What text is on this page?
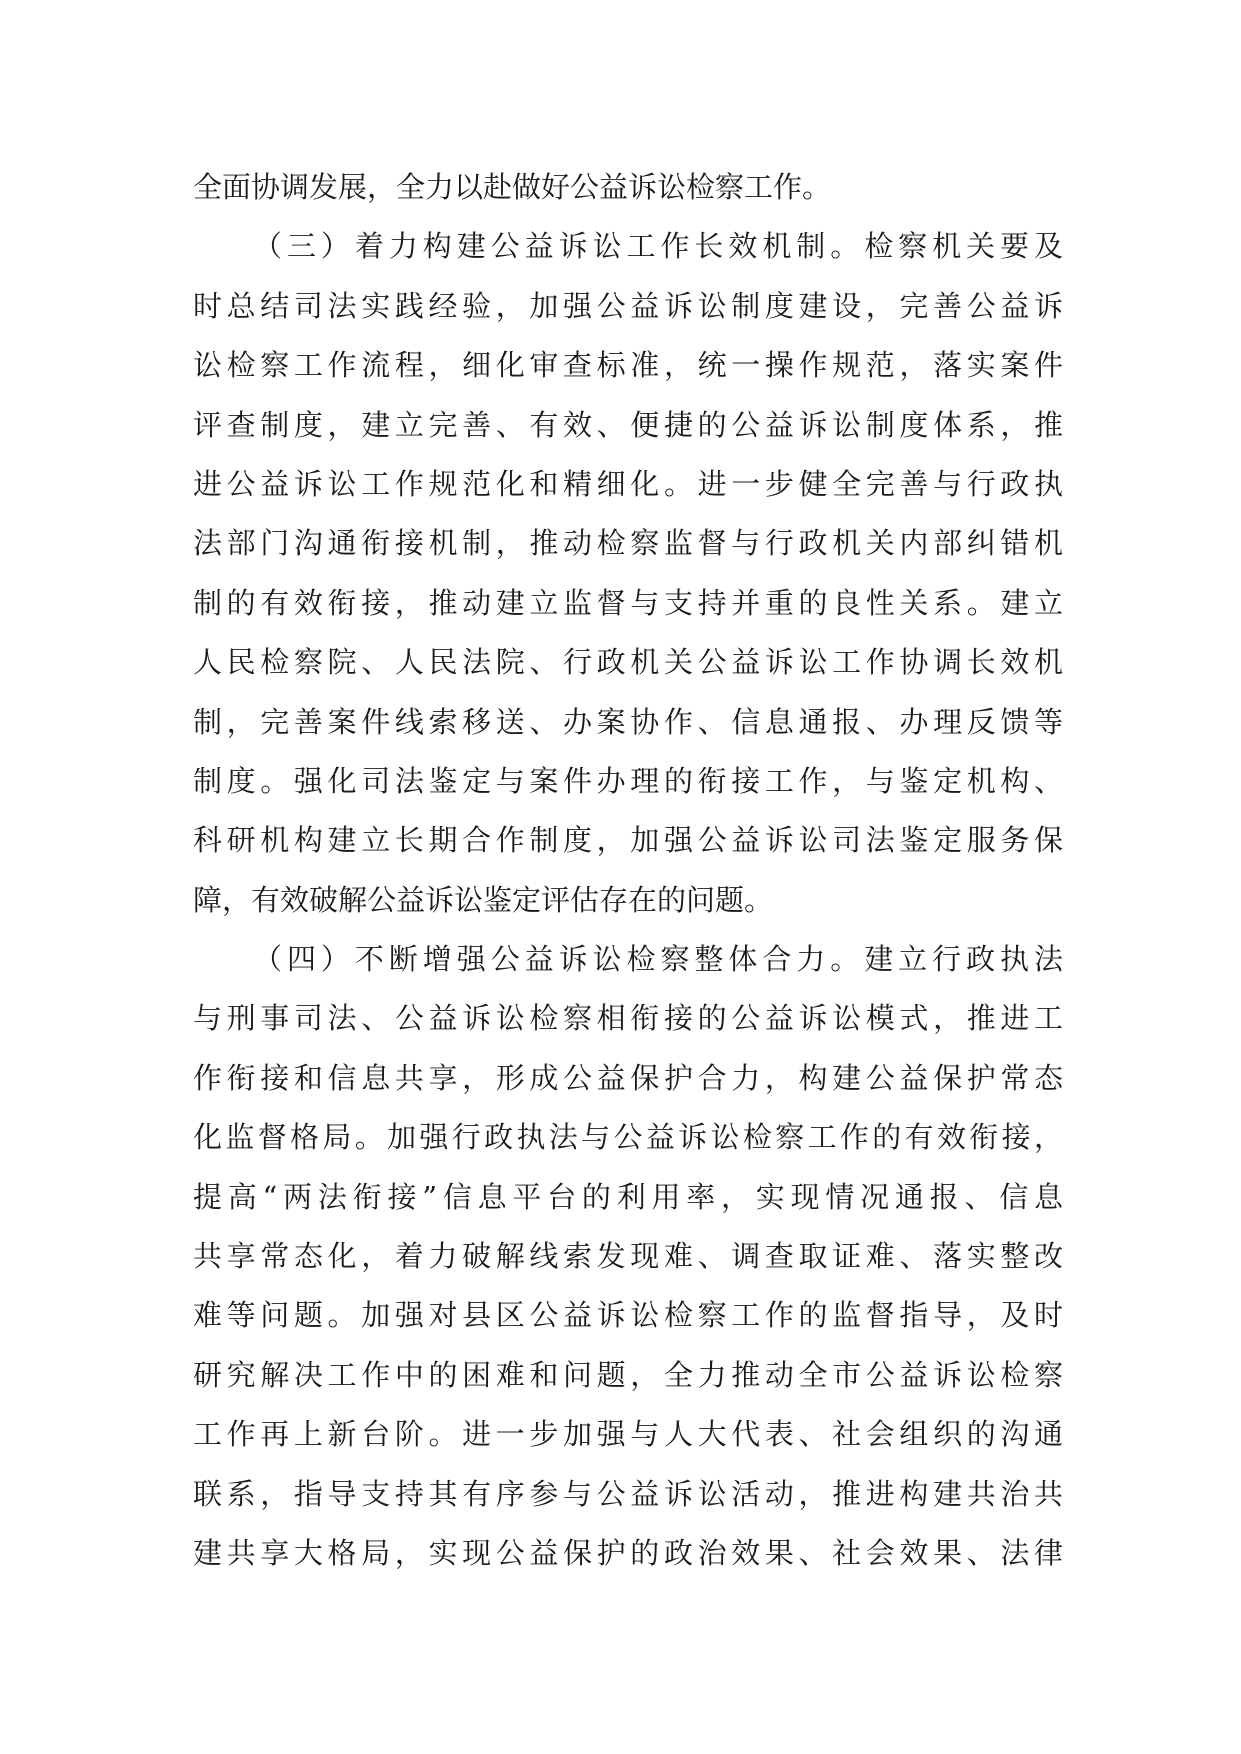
全面协调发展，全力以赴做好公益诉讼检察工作。
（三）着力构建公益诉讼工作长效机制。检察机关要及
时总结司法实践经验，加强公益诉讼制度建设，完善公益诉
讼检察工作流程，细化审查标准，统一操作规范，落实案件
评查制度，建立完善、有效、便捷的公益诉讼制度体系，推
进公益诉讼工作规范化和精细化。进一步健全完善与行政执
法部门沟通衔接机制，推动检察监督与行政机关内部纠错机
制的有效衔接，推动建立监督与支持并重的良性关系。建立
人民检察院、人民法院、行政机关公益诉讼工作协调长效机
制，完善案件线索移送、办案协作、信息通报、办理反馈等
制度。强化司法鉴定与案件办理的衔接工作，与鉴定机构、
科研机构建立长期合作制度，加强公益诉讼司法鉴定服务保
障，有效破解公益诉讼鉴定评估存在的问题。
（四）不断增强公益诉讼检察整体合力。建立行政执法
与刑事司法、公益诉讼检察相衔接的公益诉讼模式，推进工
作衔接和信息共享，形成公益保护合力，构建公益保护常态
化监督格局。加强行政执法与公益诉讼检察工作的有效衔接，
提高“两法衔接”信息平台的利用率，实现情况通报、信息
共享常态化，着力破解线索发现难、调查取证难、落实整改
难等问题。加强对县区公益诉讼检察工作的监督指导，及时
研究解决工作中的困难和问题，全力推动全市公益诉讼检察
工作再上新台阶。进一步加强与人大代表、社会组织的沟通
联系，指导支持其有序参与公益诉讼活动，推进构建共治共
建共享大格局，实现公益保护的政治效果、社会效果、法律
